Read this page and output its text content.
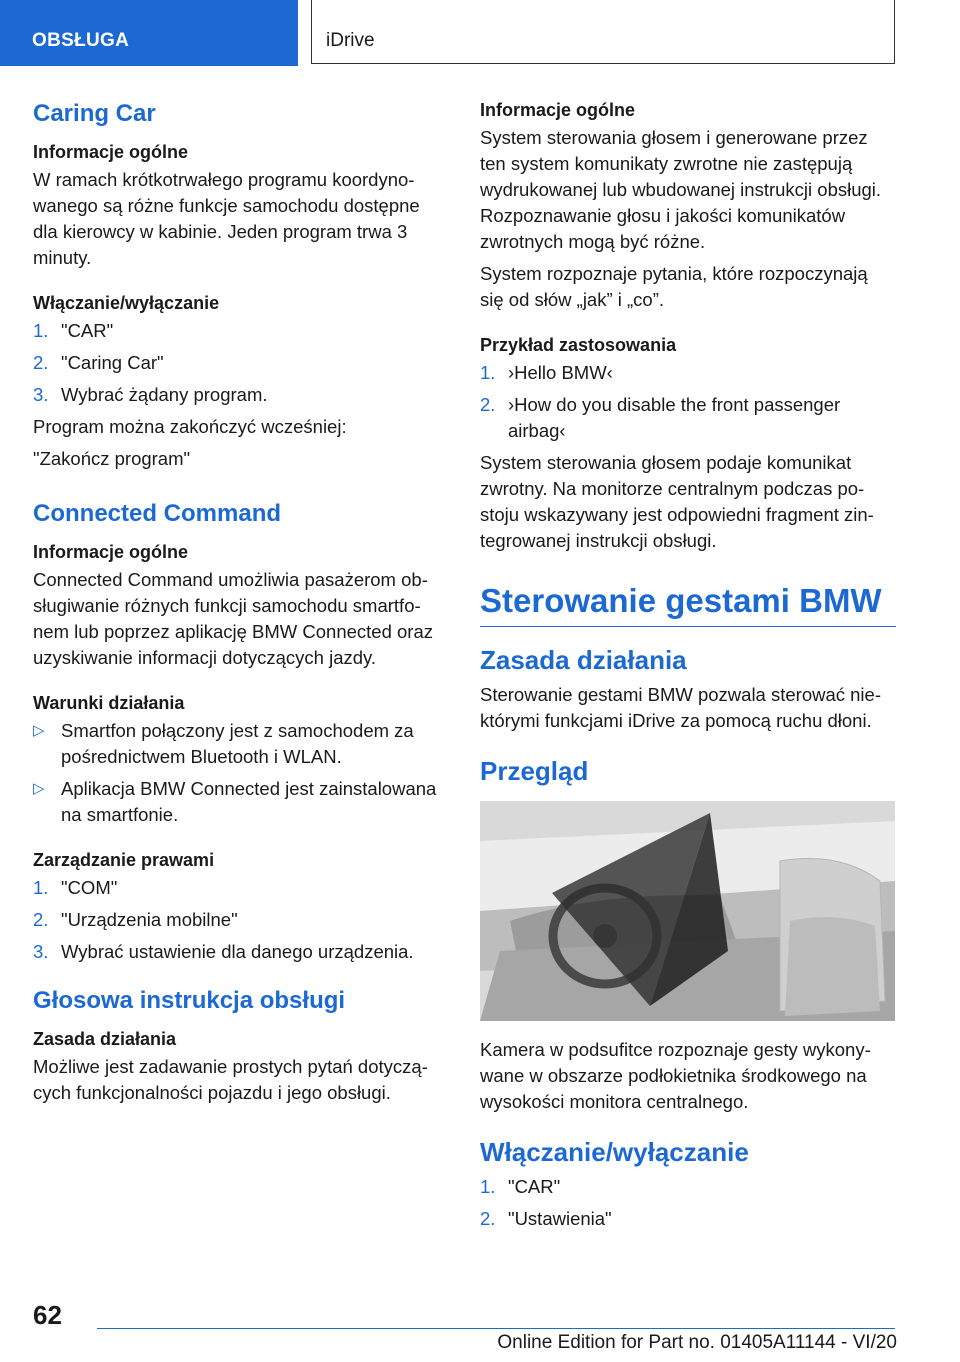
OBSŁUGA	iDrive
Caring Car
Informacje ogólne
W ramach krótkotrwałego programu koordyno-wanego są różne funkcje samochodu dostępne dla kierowcy w kabinie. Jeden program trwa 3 minuty.
Włączanie/wyłączanie
1. "CAR"
2. "Caring Car"
3. Wybrać żądany program.
Program można zakończyć wcześniej:
"Zakończ program"
Connected Command
Informacje ogólne
Connected Command umożliwia pasażerom ob-sługiwanie różnych funkcji samochodu smartfo-nem lub poprzez aplikację BMW Connected oraz uzyskiwanie informacji dotyczących jazdy.
Warunki działania
▷ Smartfon połączony jest z samochodem za pośrednictwem Bluetooth i WLAN.
▷ Aplikacja BMW Connected jest zainstalowana na smartfonie.
Zarządzanie prawami
1. "COM"
2. "Urządzenia mobilne"
3. Wybrać ustawienie dla danego urządzenia.
Głosowa instrukcja obsługi
Zasada działania
Możliwe jest zadawanie prostych pytań dotyczą-cych funkcjonalności pojazdu i jego obsługi.
Informacje ogólne
System sterowania głosem i generowane przez ten system komunikaty zwrotne nie zastępują wydrukowanej lub wbudowanej instrukcji obsługi. Rozpoznawanie głosu i jakości komunikatów zwrotnych mogą być różne.
System rozpoznaje pytania, które rozpoczynają się od słów „jak” i „co”.
Przykład zastosowania
1. ›Hello BMW‹
2. ›How do you disable the front passenger airbag‹
System sterowania głosem podaje komunikat zwrotny. Na monitorze centralnym podczas po-stoju wskazywany jest odpowiedni fragment zin-tegrowanej instrukcji obsługi.
Sterowanie gestami BMW
Zasada działania
Sterowanie gestami BMW pozwala sterować nie-którymi funkcjami iDrive za pomocą ruchu dłoni.
Przegląd
Kamera w podsufitce rozpoznaje gesty wykony-wane w obszarze podłokietnika środkowego na wysokości monitora centralnego.
Włączanie/wyłączanie
1. "CAR"
2. "Ustawienia"
62
Online Edition for Part no. 01405A11144 - VI/20
